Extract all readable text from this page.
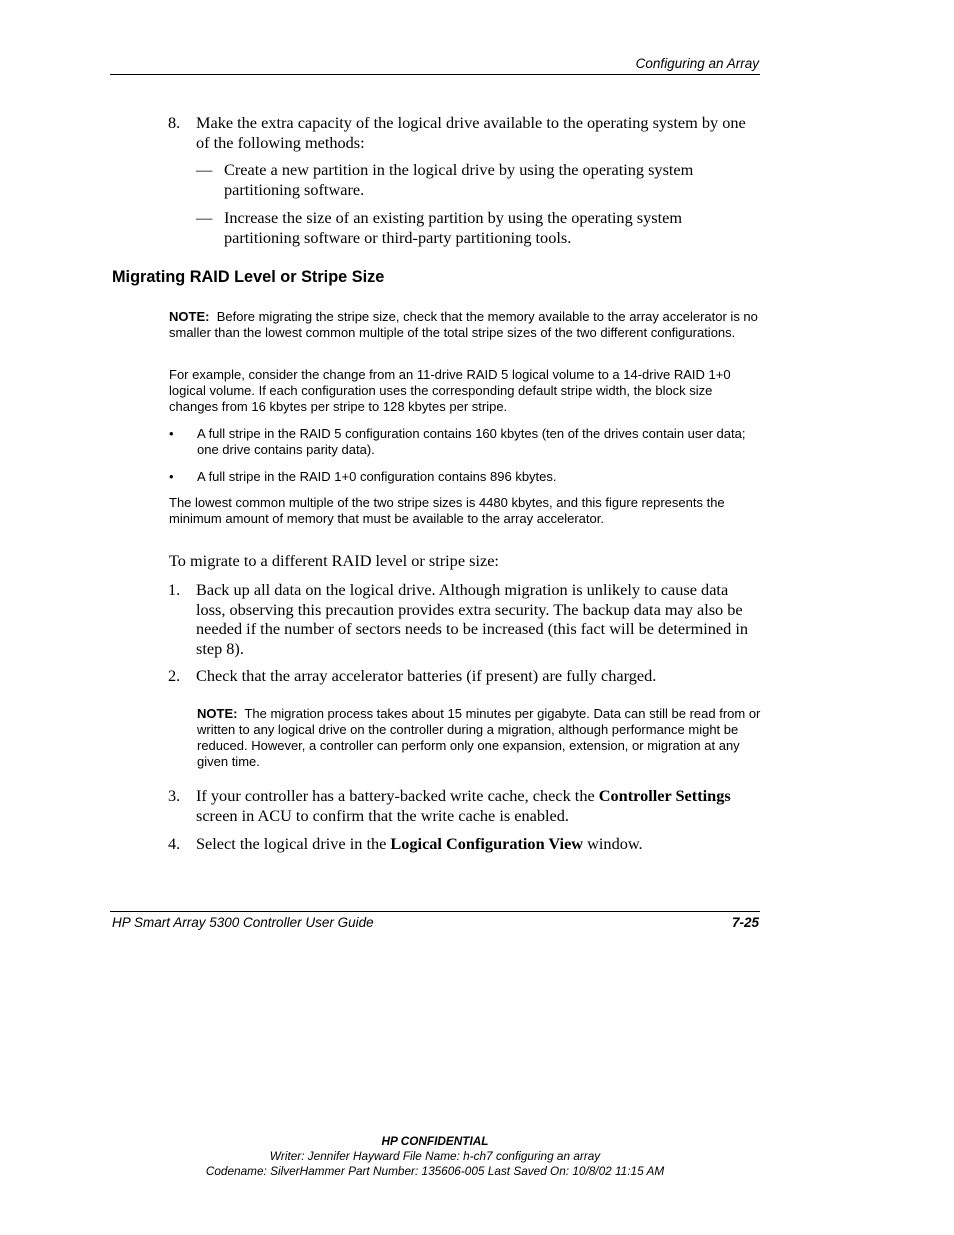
Configuring an Array
8. Make the extra capacity of the logical drive available to the operating system by one of the following methods:
— Create a new partition in the logical drive by using the operating system partitioning software.
— Increase the size of an existing partition by using the operating system partitioning software or third-party partitioning tools.
Migrating RAID Level or Stripe Size
NOTE: Before migrating the stripe size, check that the memory available to the array accelerator is no smaller than the lowest common multiple of the total stripe sizes of the two different configurations.
For example, consider the change from an 11-drive RAID 5 logical volume to a 14-drive RAID 1+0 logical volume. If each configuration uses the corresponding default stripe width, the block size changes from 16 kbytes per stripe to 128 kbytes per stripe.
• A full stripe in the RAID 5 configuration contains 160 kbytes (ten of the drives contain user data; one drive contains parity data).
• A full stripe in the RAID 1+0 configuration contains 896 kbytes.
The lowest common multiple of the two stripe sizes is 4480 kbytes, and this figure represents the minimum amount of memory that must be available to the array accelerator.
To migrate to a different RAID level or stripe size:
1. Back up all data on the logical drive. Although migration is unlikely to cause data loss, observing this precaution provides extra security. The backup data may also be needed if the number of sectors needs to be increased (this fact will be determined in step 8).
2. Check that the array accelerator batteries (if present) are fully charged.
NOTE: The migration process takes about 15 minutes per gigabyte. Data can still be read from or written to any logical drive on the controller during a migration, although performance might be reduced. However, a controller can perform only one expansion, extension, or migration at any given time.
3. If your controller has a battery-backed write cache, check the Controller Settings screen in ACU to confirm that the write cache is enabled.
4. Select the logical drive in the Logical Configuration View window.
HP Smart Array 5300 Controller User Guide	7-25
HP CONFIDENTIAL
Writer: Jennifer Hayward File Name: h-ch7 configuring an array
Codename: SilverHammer Part Number: 135606-005 Last Saved On: 10/8/02 11:15 AM
